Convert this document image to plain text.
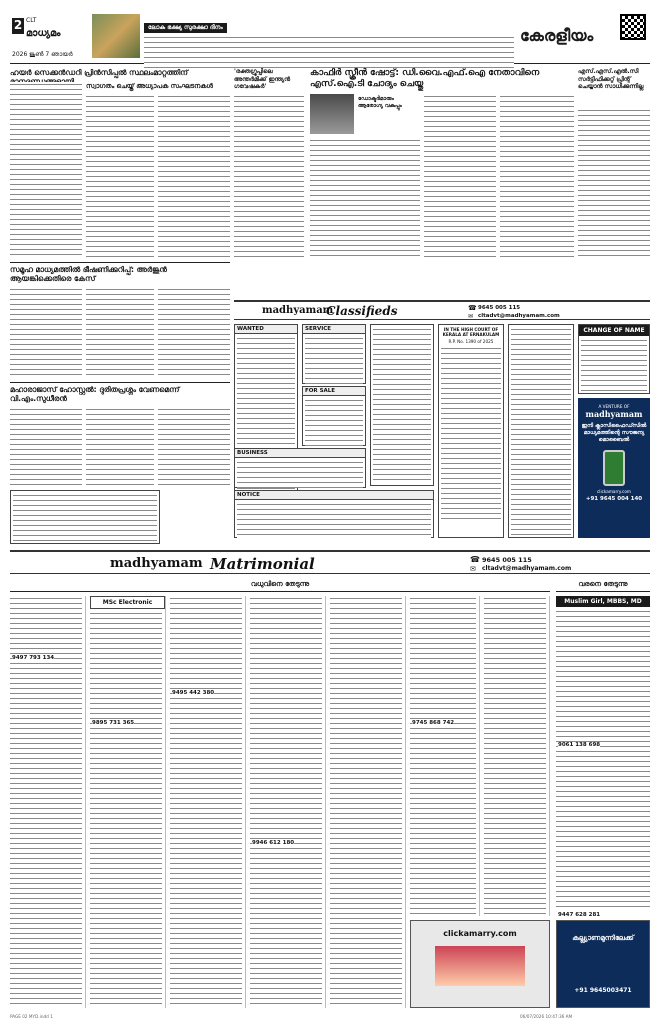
2 CLT
മാധ്യമം
2026 ജൂൺ 7 ഞായർ
ലോക ഭക്ഷ്യ സുരക്ഷാ ദിനം	കേരളീയം
ഹയർ സെക്കൻഡറി പ്രിൻസിപ്പൽ സ്ഥലംമാറ്റത്തിന്
സ്വാഗതം ചെയ്ത് അധ്യാപക സംഘടനകൾ
'രക്തഗ്രൂപ്പിലെ അന്തർമിക്ക് ഇന്ത്യൻ ഗവേഷകർ'
കാഫിർ സ്ക്രീൻ ഷോട്ട്: ഡി.വൈ.എഫ്.ഐ നേതാവിനെ എസ്.ഐ.ടി ചോദ്യം ചെയ്തു
ഡോക്ടർമാരും ആരോഗ്യ വകുപ്പും
എസ്.എസ്.എൽ.സി സർട്ടിഫിക്കറ്റ് പ്രിന്റ് ചെയ്യാൻ സാധിക്കുന്നില്ല
സമൂഹ മാധ്യമത്തിൽ ഭീഷണിക്കുറിപ്പ്: അർജുൻ ആയങ്കിക്കെതിരെ കേസ്
മഹാരാജാസ് ഹോസ്റ്റൽ: ദുരിതപ്രശ്നം വേണമെന്ന് വി.എം.സുധീരൻ
madhyamam
Classifieds	☎ 9645 005 115
✉ cltadvt@madhyamam.com
WANTED	SERVICE
FOR SALE
BUSINESS
NOTICE
IN THE HIGH COURT OF KERALA AT ERNAKULAM
R.P. No. 1390 of 2025
CHANGE OF NAME
A VENTURE OF
madhyamam
ഇനി ക്ലാസിഫൈഡ്സിൽ മാധ്യമത്തിന്റെ സൗജന്യ മൊബൈൽ
clickamarry.com
+91 9645 004 140
madhyamam Matrimonial	☎ 9645 005 115
✉ cltadvt@madhyamam.com
വധുവിനെ തേടുന്നു	വരനെ തേടുന്നു
MSc Electronic	Muslim Girl, MBBS, MD
9497 793 134
9495 442 380
9895 731 365	9745 868 742
9061 138 698
9447 628 281
9946 612 180
clickamarry.com	കല്ല്യാണമുന്നിലേക്ക്
+91 9645003471
PAGE 02 MYD.indd 1	06/07/2026 10:47:36 AM
